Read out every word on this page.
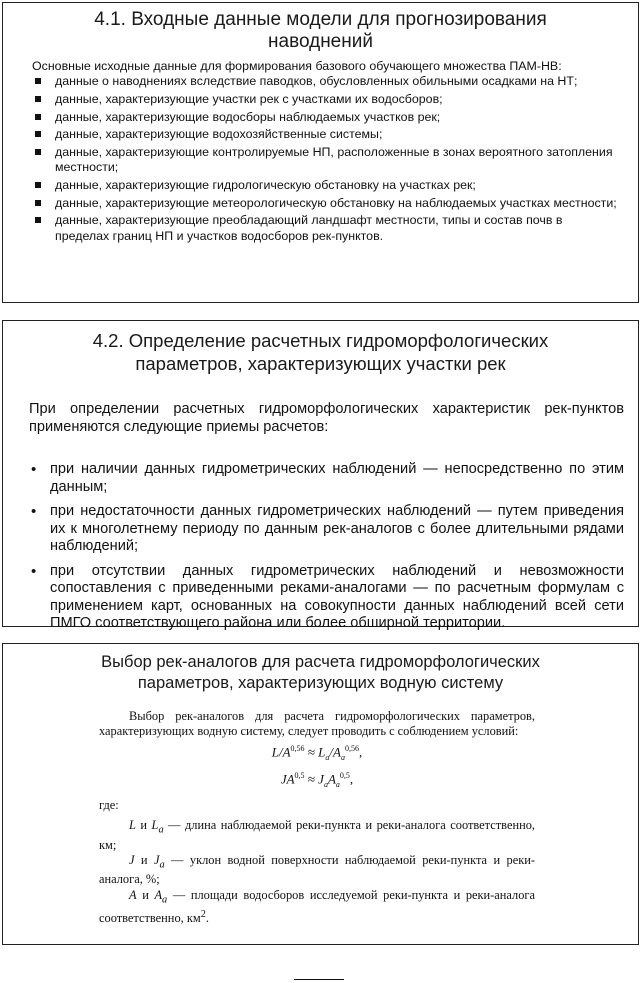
4.1. Входные данные модели для прогнозирования
наводнений
Основные исходные данные для формирования базового обучающего множества ПАМ-НВ:
данные о наводнениях вследствие паводков, обусловленных обильными осадками на НТ;
данные, характеризующие участки рек с участками их водосборов;
данные, характеризующие водосборы наблюдаемых участков рек;
данные, характеризующие водохозяйственные системы;
данные, характеризующие контролируемые НП, расположенные в зонах вероятного затопления местности;
данные, характеризующие гидрологическую обстановку на участках рек;
данные, характеризующие метеорологическую обстановку на наблюдаемых участках местности;
данные, характеризующие преобладающий ландшафт местности, типы и состав почв в пределах границ НП и участков водосборов рек-пунктов.
4.2. Определение расчетных гидроморфологических
параметров, характеризующих участки рек

При определении расчетных гидроморфологических характеристик рек-пунктов применяются следующие приемы расчетов:

• при наличии данных гидрометрических наблюдений — непосредственно по этим данным;
• при недостаточности данных гидрометрических наблюдений — путем приведения их к многолетнему периоду по данным рек-аналогов с более длительными рядами наблюдений;
• при отсутствии данных гидрометрических наблюдений и невозможности сопоставления с приведенными реками-аналогами — по расчетным формулам с применением карт, основанных на совокупности данных наблюдений всей сети ПМГО соответствующего района или более обширной территории.
Выбор рек-аналогов для расчета гидроморфологических
параметров, характеризующих водную систему

Выбор рек-аналогов для расчета гидроморфологических параметров, характеризующих водную систему, следует проводить с соблюдением условий:

$L/A^{0,56} \approx L_a/A_a^{0,56}$,
$JA^{0,5} \approx J_aA_a^{0,5}$,

где:

L и $L_a$ — длина наблюдаемой реки-пункта и реки-аналога соответственно, км;

J и $J_a$ — уклон водной поверхности наблюдаемой реки-пункта и реки-аналога, %;

A и $A_a$ — площади водосборов исследуемой реки-пункта и реки-аналога соответственно, $км^2$.
